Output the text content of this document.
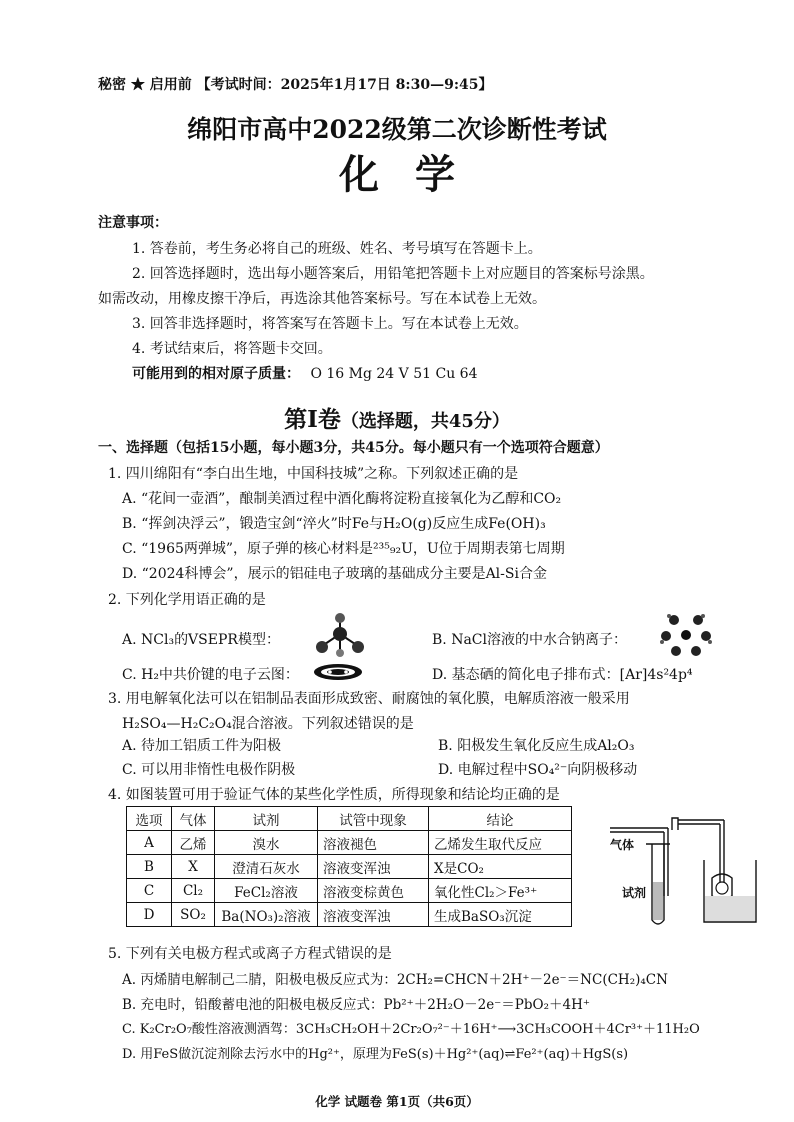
秘密 ★ 启用前 【考试时间：2025年1月17日 8:30—9:45】
绵阳市高中2022级第二次诊断性考试
化学
注意事项：
1. 答卷前，考生务必将自己的班级、姓名、考号填写在答题卡上。
2. 回答选择题时，选出每小题答案后，用铅笔把答题卡上对应题目的答案标号涂黑。
如需改动，用橡皮擦干净后，再选涂其他答案标号。写在本试卷上无效。
3. 回答非选择题时，将答案写在答题卡上。写在本试卷上无效。
4. 考试结束后，将答题卡交回。
可能用到的相对原子质量： O 16 Mg 24 V 51 Cu 64
第Ⅰ卷（选择题，共45分）
一、选择题（包括15小题，每小题3分，共45分。每小题只有一个选项符合题意）
1. 四川绵阳有“李白出生地，中国科技城”之称。下列叙述正确的是
A. “花间一壶酒”，酿制美酒过程中酒化酶将淀粉直接氧化为乙醇和CO₂
B. “挥剑决浮云”，锻造宝剑“淬火”时Fe与H₂O(g)反应生成Fe(OH)₃
C. “1965两弹城”，原子弹的核心材料是²³⁵₉₂U，U位于周期表第七周期
D. “2024科博会”，展示的铝硅电子玻璃的基础成分主要是Al-Si合金
2. 下列化学用语正确的是
A. NCl₃的VSEPR模型：	B. NaCl溶液的中水合钠离子：
C. H₂中共价键的电子云图：	D. 基态硒的简化电子排布式：[Ar]4s²4p⁴
3. 用电解氧化法可以在铝制品表面形成致密、耐腐蚀的氧化膜，电解质溶液一般采用
H₂SO₄—H₂C₂O₄混合溶液。下列叙述错误的是
A. 待加工铝质工件为阳极	B. 阳极发生氧化反应生成Al₂O₃
C. 可以用非惰性电极作阴极	D. 电解过程中SO₄²⁻向阴极移动
4. 如图装置可用于验证气体的某些化学性质，所得现象和结论均正确的是
选项	气体	试剂	试管中现象	结论
A	乙烯	溴水	溶液褪色	乙烯发生取代反应
B	X	澄清石灰水	溶液变浑浊	X是CO₂
C	Cl₂	FeCl₂溶液	溶液变棕黄色	氧化性Cl₂＞Fe³⁺
D	SO₂	Ba(NO₃)₂溶液	溶液变浑浊	生成BaSO₃沉淀
气体
试剂
5. 下列有关电极方程式或离子方程式错误的是
A. 丙烯腈电解制己二腈，阳极电极反应式为：2CH₂=CHCN＋2H⁺－2e⁻＝NC(CH₂)₄CN
B. 充电时，铅酸蓄电池的阳极电极反应式：Pb²⁺＋2H₂O－2e⁻＝PbO₂＋4H⁺
C. K₂Cr₂O₇酸性溶液测酒驾：3CH₃CH₂OH＋2Cr₂O₇²⁻＋16H⁺⟶3CH₃COOH＋4Cr³⁺＋11H₂O
D. 用FeS做沉淀剂除去污水中的Hg²⁺，原理为FeS(s)＋Hg²⁺(aq)⇌Fe²⁺(aq)＋HgS(s)
化学 试题卷 第1页（共6页）
